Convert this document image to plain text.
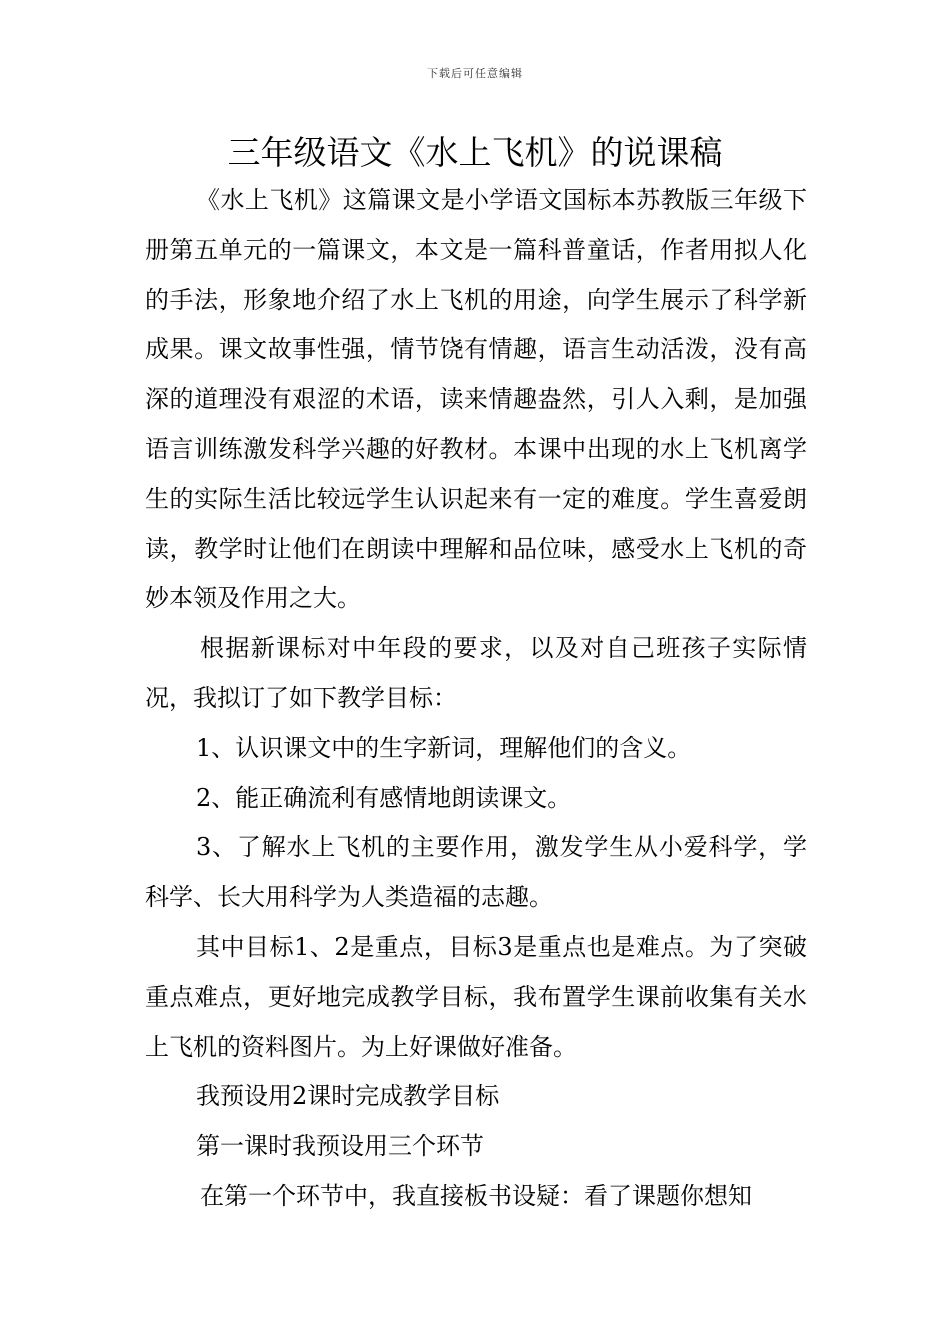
下载后可任意编辑
三年级语文《水上飞机》的说课稿

《水上飞机》这篇课文是小学语文国标本苏教版三年级下册第五单元的一篇课文，本文是一篇科普童话，作者用拟人化的手法，形象地介绍了水上飞机的用途，向学生展示了科学新成果。课文故事性强，情节饶有情趣，语言生动活泼，没有高深的道理没有艰涩的术语，读来情趣盎然，引人入剩，是加强语言训练激发科学兴趣的好教材。本课中出现的水上飞机离学生的实际生活比较远学生认识起来有一定的难度。学生喜爱朗读，教学时让他们在朗读中理解和品位味，感受水上飞机的奇妙本领及作用之大。

根据新课标对中年段的要求，以及对自己班孩子实际情况，我拟订了如下教学目标：

1、认识课文中的生字新词，理解他们的含义。

2、能正确流利有感情地朗读课文。

3、了解水上飞机的主要作用，激发学生从小爱科学，学科学、长大用科学为人类造福的志趣。

其中目标1、2是重点，目标3是重点也是难点。为了突破重点难点，更好地完成教学目标，我布置学生课前收集有关水上飞机的资料图片。为上好课做好准备。

我预设用2课时完成教学目标

第一课时我预设用三个环节

在第一个环节中，我直接板书设疑：看了课题你想知
